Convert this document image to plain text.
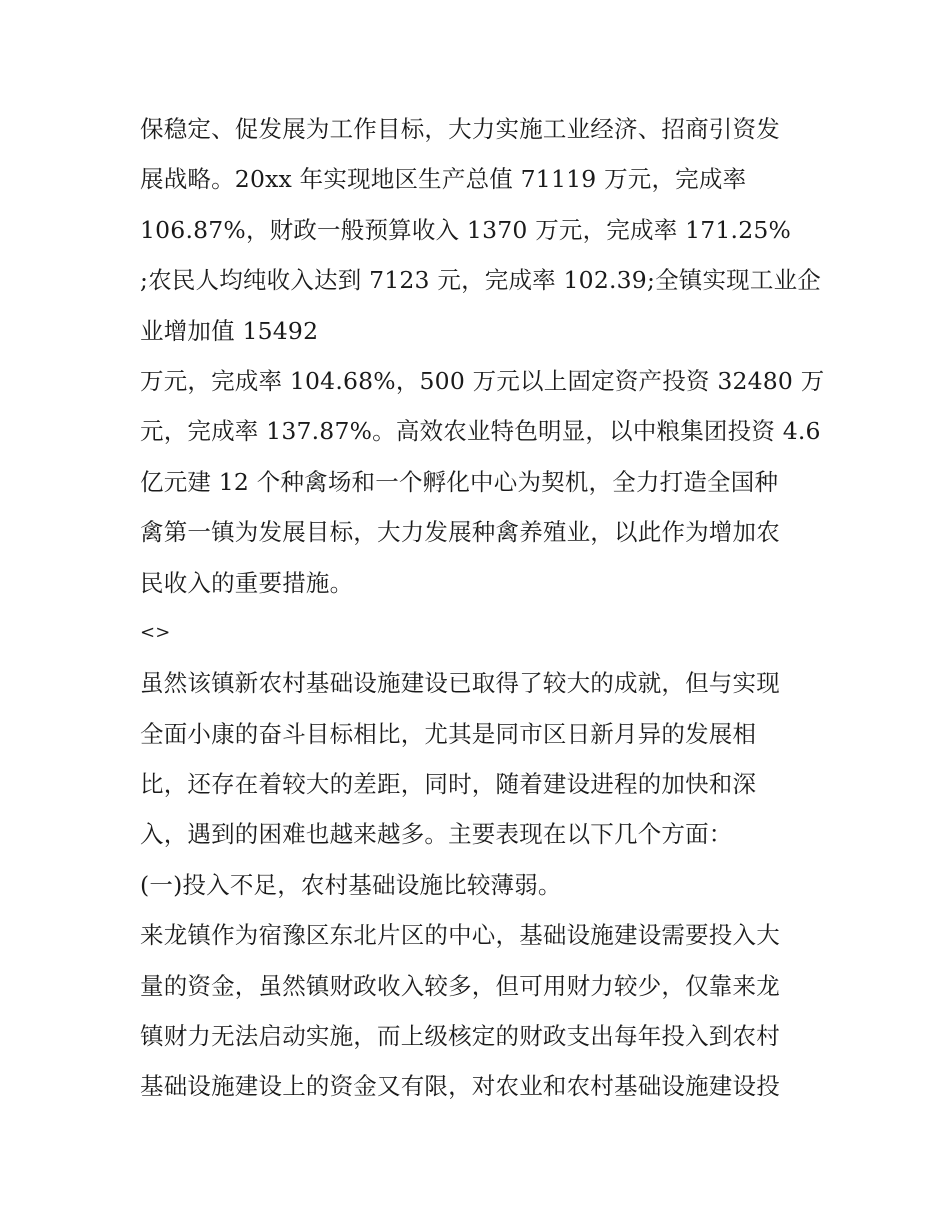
保稳定、促发展为工作目标，大力实施工业经济、招商引资发
展战略。20xx 年实现地区生产总值 71119 万元，完成率
106.87%，财政一般预算收入 1370 万元，完成率 171.25%
;农民人均纯收入达到 7123 元，完成率 102.39;全镇实现工业企
业增加值 15492
万元，完成率 104.68%，500 万元以上固定资产投资 32480 万
元，完成率 137.87%。高效农业特色明显，以中粮集团投资 4.6
亿元建 12 个种禽场和一个孵化中心为契机，全力打造全国种
禽第一镇为发展目标，大力发展种禽养殖业，以此作为增加农
民收入的重要措施。
<>
虽然该镇新农村基础设施建设已取得了较大的成就，但与实现
全面小康的奋斗目标相比，尤其是同市区日新月异的发展相
比，还存在着较大的差距，同时，随着建设进程的加快和深
入，遇到的困难也越来越多。主要表现在以下几个方面：
(一)投入不足，农村基础设施比较薄弱。
来龙镇作为宿豫区东北片区的中心，基础设施建设需要投入大
量的资金，虽然镇财政收入较多，但可用财力较少，仅靠来龙
镇财力无法启动实施，而上级核定的财政支出每年投入到农村
基础设施建设上的资金又有限，对农业和农村基础设施建设投
